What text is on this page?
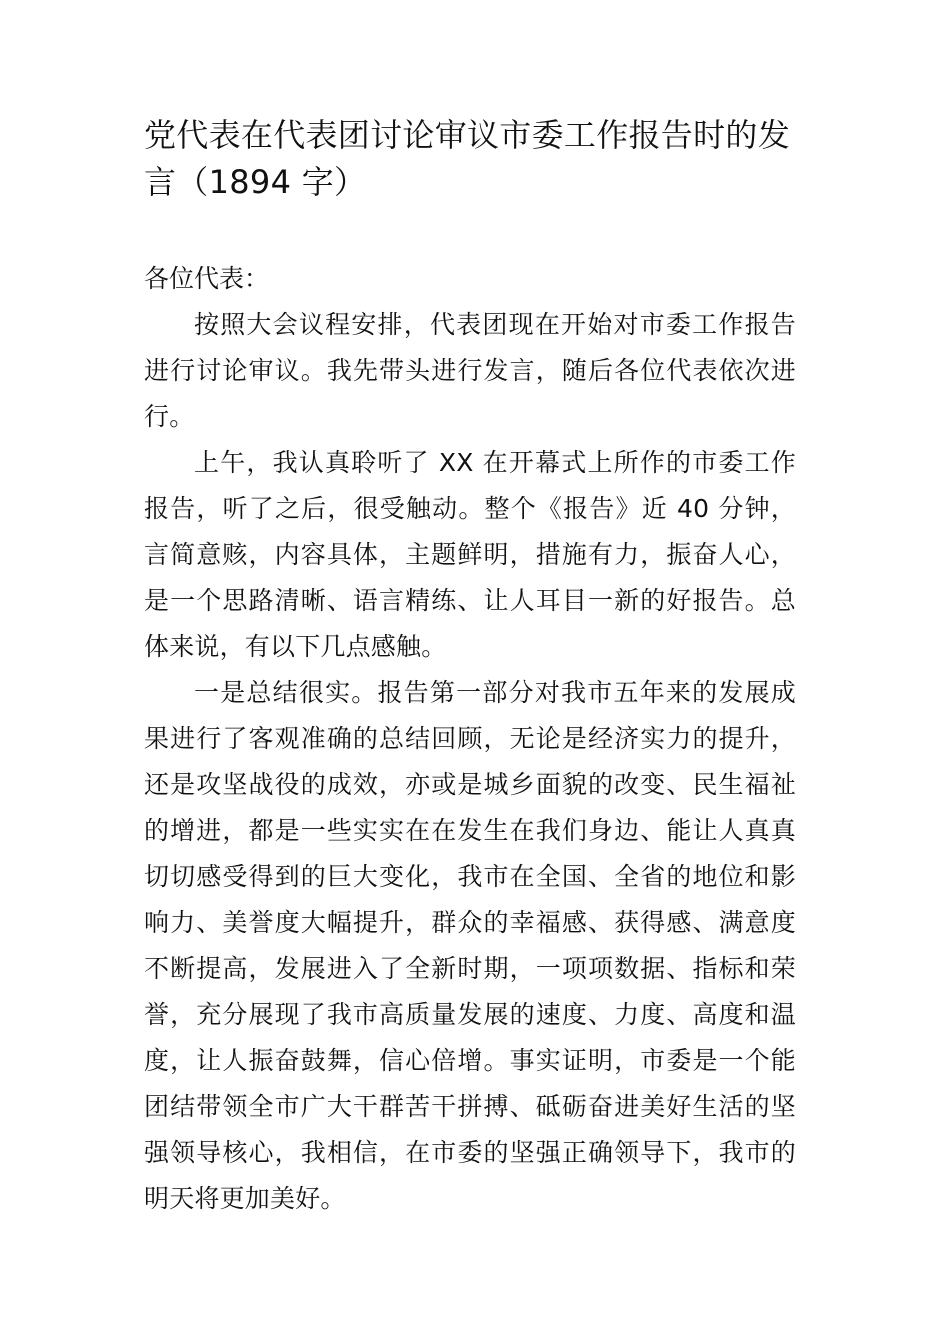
党代表在代表团讨论审议市委工作报告时的发言（1894 字）

各位代表：

按照大会议程安排，代表团现在开始对市委工作报告进行讨论审议。我先带头进行发言，随后各位代表依次进行。

上午，我认真聆听了 XX 在开幕式上所作的市委工作报告，听了之后，很受触动。整个《报告》近 40 分钟，言简意赅，内容具体，主题鲜明，措施有力，振奋人心，是一个思路清晰、语言精练、让人耳目一新的好报告。总体来说，有以下几点感触。

一是总结很实。报告第一部分对我市五年来的发展成果进行了客观准确的总结回顾，无论是经济实力的提升，还是攻坚战役的成效，亦或是城乡面貌的改变、民生福祉的增进，都是一些实实在在发生在我们身边、能让人真真切切感受得到的巨大变化，我市在全国、全省的地位和影响力、美誉度大幅提升，群众的幸福感、获得感、满意度不断提高，发展进入了全新时期，一项项数据、指标和荣誉，充分展现了我市高质量发展的速度、力度、高度和温度，让人振奋鼓舞，信心倍增。事实证明，市委是一个能团结带领全市广大干群苦干拼搏、砥砺奋进美好生活的坚强领导核心，我相信，在市委的坚强正确领导下，我市的明天将更加美好。
